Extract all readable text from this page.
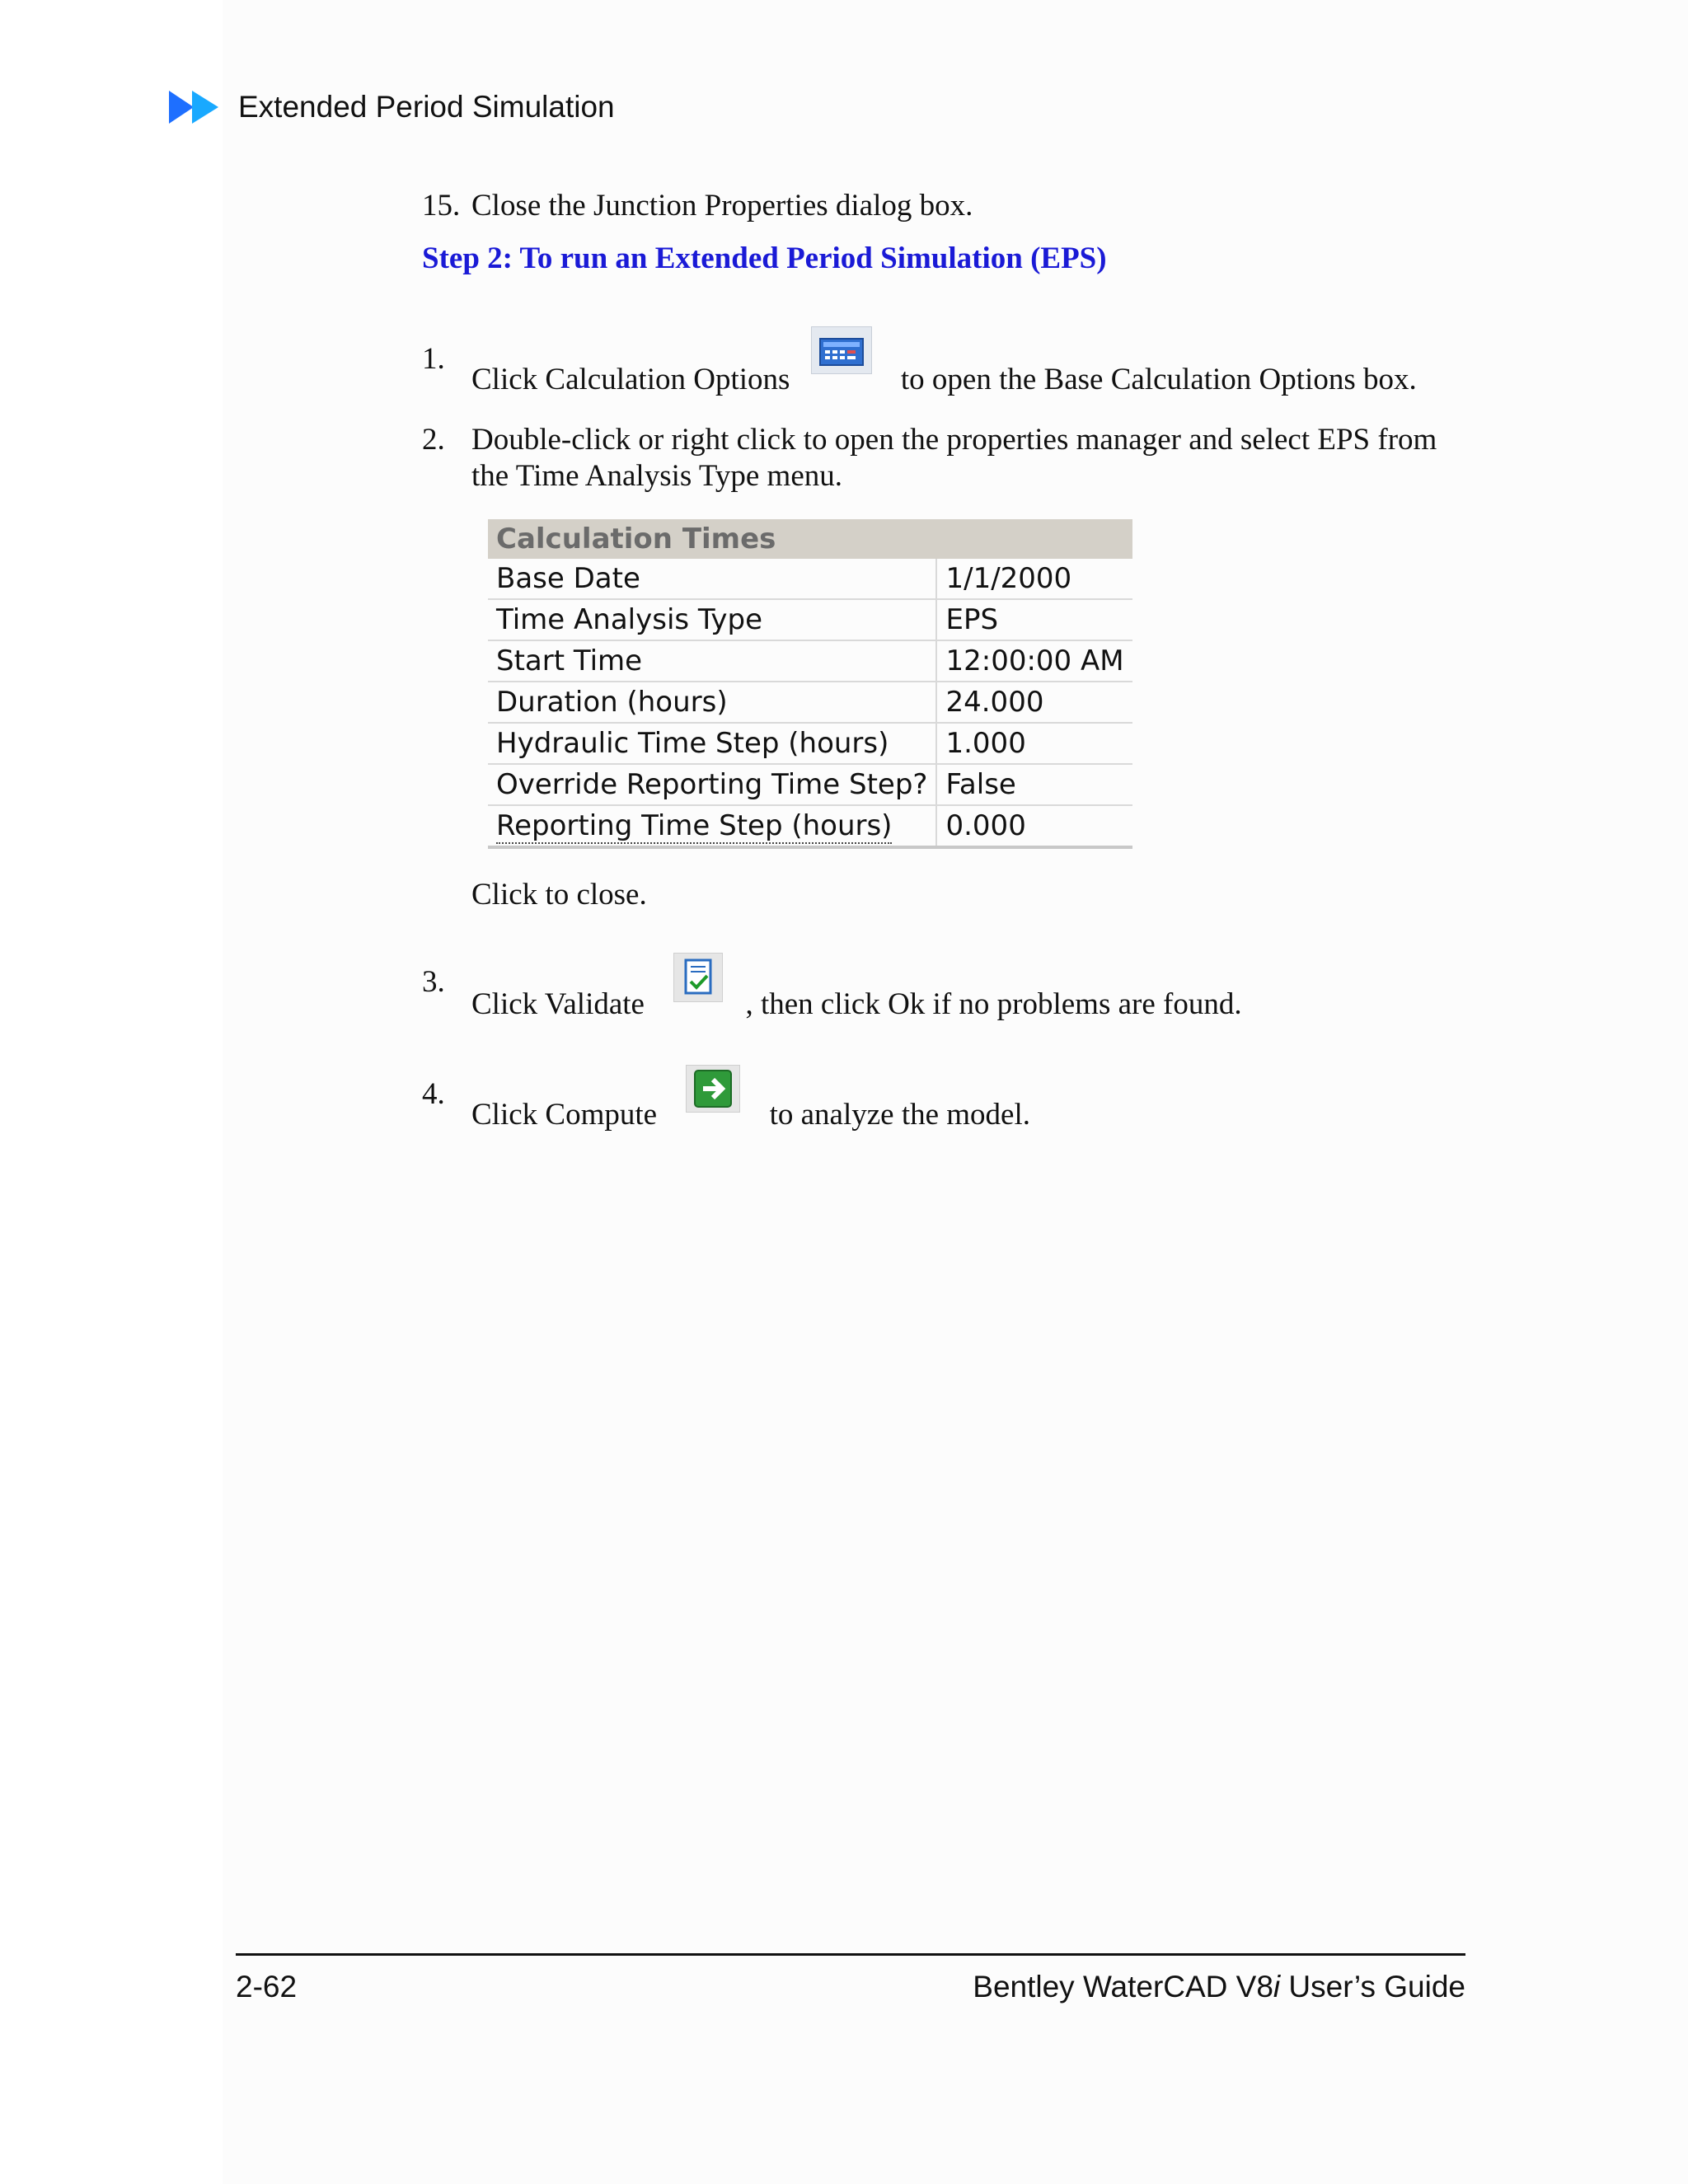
Extended Period Simulation
15. Close the Junction Properties dialog box.
Step 2: To run an Extended Period Simulation (EPS)
1.
Click Calculation Options	to open the Base Calculation Options box.
2. Double-click or right click to open the properties manager and select EPS from the Time Analysis Type menu.
Calculation Times	
Base Date	1/1/2000
Time Analysis Type	EPS
Start Time	12:00:00 AM
Duration (hours)	24.000
Hydraulic Time Step (hours)	1.000
Override Reporting Time Step?	False
Reporting Time Step (hours)	0.000
Click to close.
3.
Click Validate	, then click Ok if no problems are found.
4.
Click Compute	to analyze the model.
2-62	Bentley WaterCAD V8i User’s Guide
